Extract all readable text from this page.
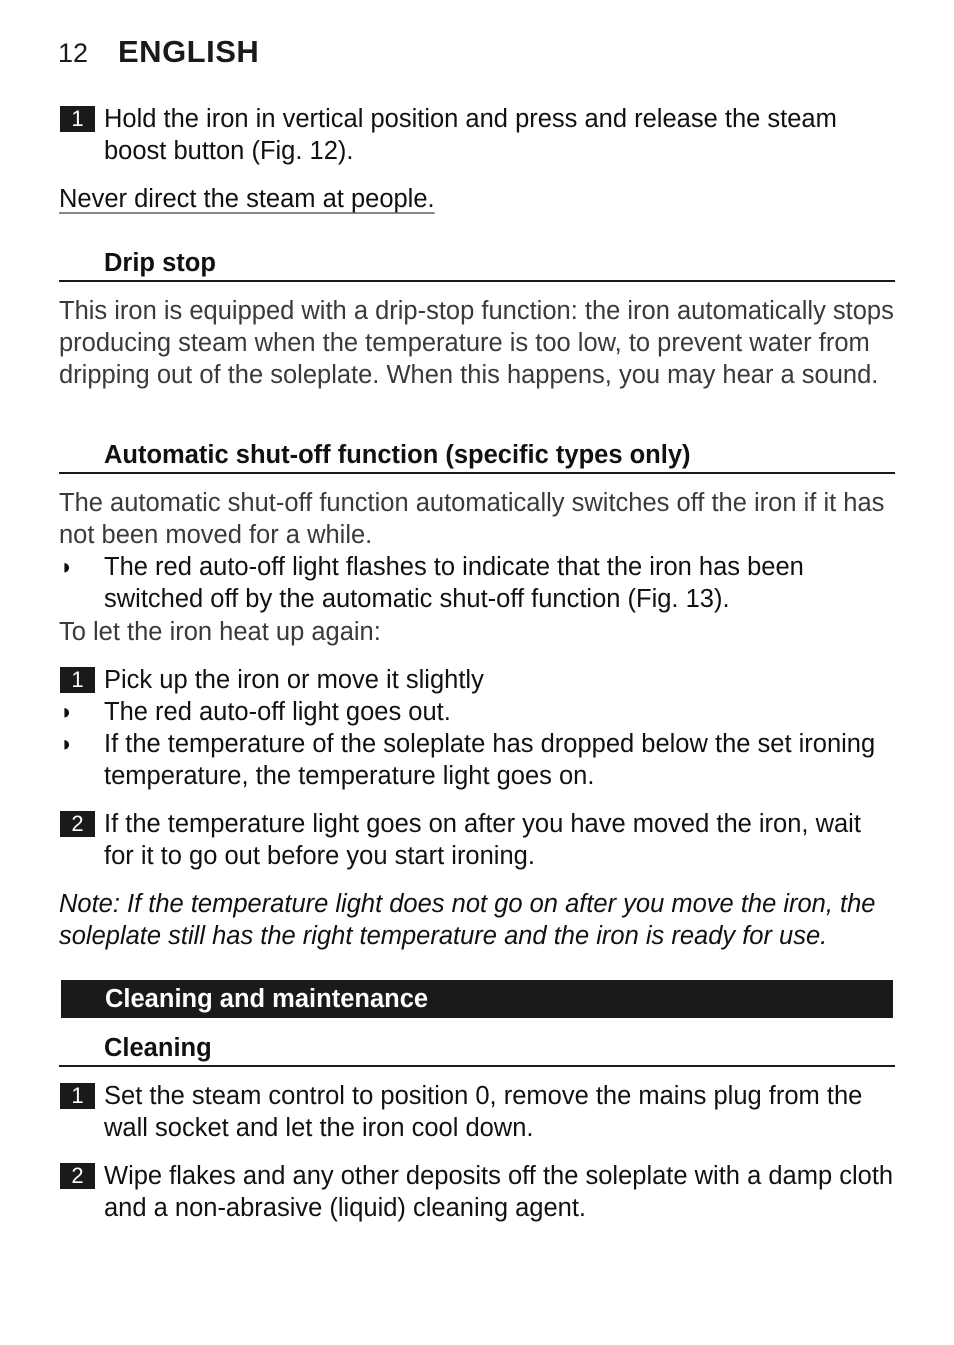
12 ENGLISH
1 Hold the iron in vertical position and press and release the steam boost button (Fig. 12).
Never direct the steam at people.
Drip stop
This iron is equipped with a drip-stop function: the iron automatically stops producing steam when the temperature is too low, to prevent water from dripping out of the soleplate. When this happens, you may hear a sound.
Automatic shut-off function (specific types only)
The automatic shut-off function automatically switches off the iron if it has not been moved for a while.
◗ The red auto-off light flashes to indicate that the iron has been switched off by the automatic shut-off function (Fig. 13).
To let the iron heat up again:
1 Pick up the iron or move it slightly
◗ The red auto-off light goes out.
◗ If the temperature of the soleplate has dropped below the set ironing temperature, the temperature light goes on.
2 If the temperature light goes on after you have moved the iron, wait for it to go out before you start ironing.
Note: If the temperature light does not go on after you move the iron, the soleplate still has the right temperature and the iron is ready for use.
Cleaning and maintenance
Cleaning
1 Set the steam control to position 0, remove the mains plug from the wall socket and let the iron cool down.
2 Wipe flakes and any other deposits off the soleplate with a damp cloth and a non-abrasive (liquid) cleaning agent.
